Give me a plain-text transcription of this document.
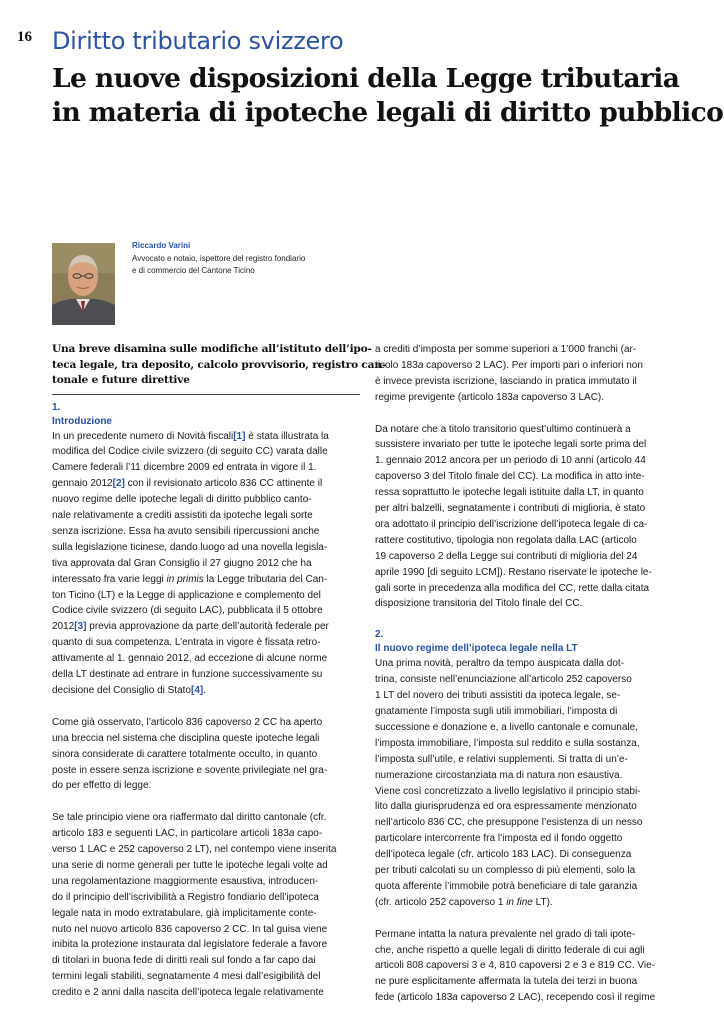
16 Diritto tributario svizzero
Le nuove disposizioni della Legge tributaria
in materia di ipoteche legali di diritto pubblico
Riccardo Varini
Avvocato e notaio, ispettore del registro fondiario
e di commercio del Cantone Ticino
Una breve disamina sulle modifiche all’istituto dell’ipo-
teca legale, tra deposito, calcolo provvisorio, registro can-
tonale e future direttive
1.
Introduzione
In un precedente numero di Novità fiscali[1] è stata illustrata la
modifica del Codice civile svizzero (di seguito CC) varata dalle
Camere federali l’11 dicembre 2009 ed entrata in vigore il 1.
gennaio 2012[2] con il revisionato articolo 836 CC attinente il
nuovo regime delle ipoteche legali di diritto pubblico canto-
nale relativamente a crediti assistiti da ipoteche legali sorte
senza iscrizione. Essa ha avuto sensibili ripercussioni anche
sulla legislazione ticinese, dando luogo ad una novella legisla-
tiva approvata dal Gran Consiglio il 27 giugno 2012 che ha
interessato fra varie leggi in primis la Legge tributaria del Can-
ton Ticino (LT) e la Legge di applicazione e complemento del
Codice civile svizzero (di seguito LAC), pubblicata il 5 ottobre
2012[3] previa approvazione da parte dell’autorità federale per
quanto di sua competenza. L’entrata in vigore è fissata retro-
attivamente al 1. gennaio 2012, ad eccezione di alcune norme
della LT destinate ad entrare in funzione successivamente su
decisione del Consiglio di Stato[4].
Come già osservato, l’articolo 836 capoverso 2 CC ha aperto
una breccia nel sistema che disciplina queste ipoteche legali
sinora considerate di carattere totalmente occulto, in quanto
poste in essere senza iscrizione e sovente privilegiate nel gra-
do per effetto di legge.
Se tale principio viene ora riaffermato dal diritto cantonale (cfr.
articolo 183 e seguenti LAC, in particolare articoli 183a capo-
verso 1 LAC e 252 capoverso 2 LT), nel contempo viene inserita
una serie di norme generali per tutte le ipoteche legali volte ad
una regolamentazione maggiormente esaustiva, introducen-
do il principio dell’iscrivibilità a Registro fondiario dell’ipoteca
legale nata in modo extratabulare, già implicitamente conte-
nuto nel nuovo articolo 836 capoverso 2 CC. In tal guisa viene
inibita la protezione instaurata dal legislatore federale a favore
di titolari in buona fede di diritti reali sul fondo a far capo dai
termini legali stabiliti, segnatamente 4 mesi dall’esigibilità del
credito e 2 anni dalla nascita dell’ipoteca legale relativamente
a crediti d’imposta per somme superiori a 1’000 franchi (ar-
ticolo 183a capoverso 2 LAC). Per importi pari o inferiori non
è invece prevista iscrizione, lasciando in pratica immutato il
regime previgente (articolo 183a capoverso 3 LAC).
Da notare che a titolo transitorio quest’ultimo continuerà a
sussistere invariato per tutte le ipoteche legali sorte prima del
1. gennaio 2012 ancora per un periodo di 10 anni (articolo 44
capoverso 3 del Titolo finale del CC). La modifica in atto inte-
ressa soprattutto le ipoteche legali istituite dalla LT, in quanto
per altri balzelli, segnatamente i contributi di miglioria, è stato
ora adottato il principio dell’iscrizione dell’ipoteca legale di ca-
rattere costitutivo, tipologia non regolata dalla LAC (articolo
19 capoverso 2 della Legge sui contributi di miglioria del 24
aprile 1990 [di seguito LCM]). Restano riservate le ipoteche le-
gali sorte in precedenza alla modifica del CC, rette dalla citata
disposizione transitoria del Titolo finale del CC.
2.
Il nuovo regime dell’ipoteca legale nella LT
Una prima novità, peraltro da tempo auspicata dalla dot-
trina, consiste nell’enunciazione all’articolo 252 capoverso
1 LT del novero dei tributi assistiti da ipoteca legale, se-
gnatamente l’imposta sugli utili immobiliari, l’imposta di
successione e donazione e, a livello cantonale e comunale,
l’imposta immobiliare, l’imposta sul reddito e sulla sostanza,
l’imposta sull’utile, e relativi supplementi. Si tratta di un’e-
numerazione circostanziata ma di natura non esaustiva.
Viene così concretizzato a livello legislativo il principio stabi-
lito dalla giurisprudenza ed ora espressamente menzionato
nell’articolo 836 CC, che presuppone l’esistenza di un nesso
particolare intercorrente fra l’imposta ed il fondo oggetto
dell’ipoteca legale (cfr. articolo 183 LAC). Di conseguenza
per tributi calcolati su un complesso di più elementi, solo la
quota afferente l’immobile potrà beneficiare di tale garanzia
(cfr. articolo 252 capoverso 1 in fine LT).
Permane intatta la natura prevalente nel grado di tali ipote-
che, anche rispetto a quelle legali di diritto federale di cui agli
articoli 808 capoversi 3 e 4, 810 capoversi 2 e 3 e 819 CC. Vie-
ne pure esplicitamente affermata la tutela dei terzi in buona
fede (articolo 183a capoverso 2 LAC), recependo così il regime
